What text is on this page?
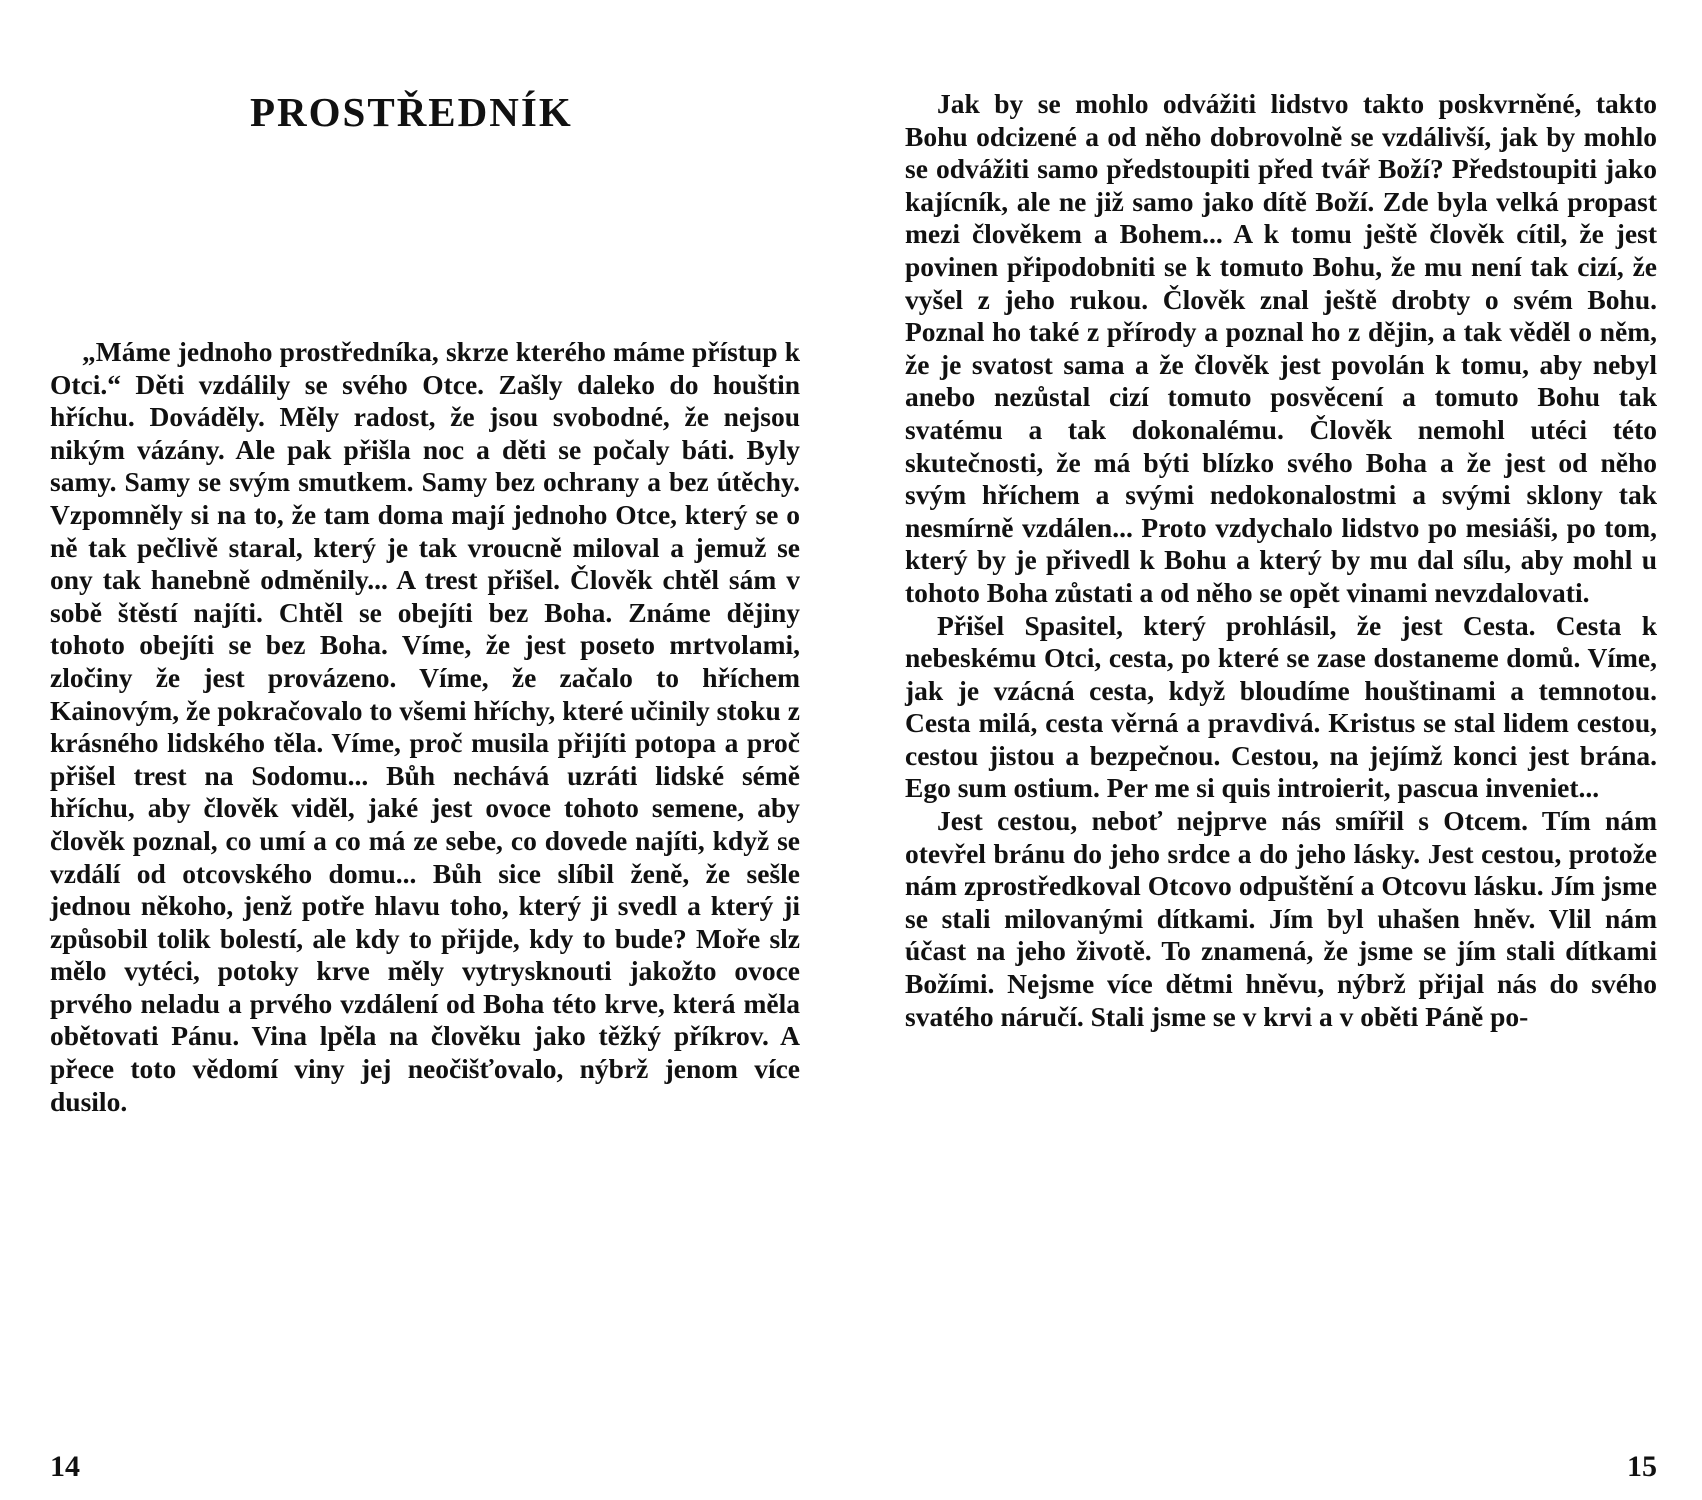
PROSTŘEDNÍK

„Máme jednoho prostředníka, skrze kterého máme přístup k Otci.“ Děti vzdálily se svého Otce. Zašly daleko do houštin hříchu. Dováděly. Měly radost, že jsou svobodné, že nejsou nikým vázány. Ale pak přišla noc a děti se počaly báti. Byly samy. Samy se svým smutkem. Samy bez ochrany a bez útěchy. Vzpomněly si na to, že tam doma mají jednoho Otce, který se o ně tak pečlivě staral, který je tak vroucně miloval a jemuž se ony tak hanebně odměnily... A trest přišel. Člověk chtěl sám v sobě štěstí najíti. Chtěl se obejíti bez Boha. Známe dějiny tohoto obejíti se bez Boha. Víme, že jest poseto mrtvolami, zločiny že jest provázeno. Víme, že začalo to hříchem Kainovým, že pokračovalo to všemi hříchy, které učinily stoku z krásného lidského těla. Víme, proč musila přijíti potopa a proč přišel trest na Sodomu... Bůh nechává uzráti lidské sémě hříchu, aby člověk viděl, jaké jest ovoce tohoto semene, aby člověk poznal, co umí a co má ze sebe, co dovede najíti, když se vzdálí od otcovského domu... Bůh sice slíbil ženě, že sešle jednou někoho, jenž potře hlavu toho, který ji svedl a který ji způsobil tolik bolestí, ale kdy to přijde, kdy to bude? Moře slz mělo vytéci, potoky krve měly vytrysknouti jakožto ovoce prvého neladu a prvého vzdálení od Boha této krve, která měla obětovati Pánu. Vina lpěla na člověku jako těžký příkrov. A přece toto vědomí viny jej neočišťovalo, nýbrž jenom více dusilo.

14

Jak by se mohlo odvážiti lidstvo takto poskvrněné, takto Bohu odcizené a od něho dobrovolně se vzdálivší, jak by mohlo se odvážiti samo předstoupiti před tvář Boží? Předstoupiti jako kajícník, ale ne již samo jako dítě Boží. Zde byla velká propast mezi člověkem a Bohem... A k tomu ještě člověk cítil, že jest povinen připodobniti se k tomuto Bohu, že mu není tak cizí, že vyšel z jeho rukou. Člověk znal ještě drobty o svém Bohu. Poznal ho také z přírody a poznal ho z dějin, a tak věděl o něm, že je svatost sama a že člověk jest povolán k tomu, aby nebyl anebo nezůstal cizí tomuto posvěcení a tomuto Bohu tak svatému a tak dokonalému. Člověk nemohl utéci této skutečnosti, že má býti blízko svého Boha a že jest od něho svým hříchem a svými nedokonalostmi a svými sklony tak nesmírně vzdálen... Proto vzdychalo lidstvo po mesiáši, po tom, který by je přivedl k Bohu a který by mu dal sílu, aby mohl u tohoto Boha zůstati a od něho se opět vinami nevzdalovati.

Přišel Spasitel, který prohlásil, že jest Cesta. Cesta k nebeskému Otci, cesta, po které se zase dostaneme domů. Víme, jak je vzácná cesta, když bloudíme houštinami a temnotou. Cesta milá, cesta věrná a pravdivá. Kristus se stal lidem cestou, cestou jistou a bezpečnou. Cestou, na jejímž konci jest brána. Ego sum ostium. Per me si quis introierit, pascua inveniet...

Jest cestou, neboť nejprve nás smířil s Otcem. Tím nám otevřel bránu do jeho srdce a do jeho lásky. Jest cestou, protože nám zprostředkoval Otcovo odpuštění a Otcovu lásku. Jím jsme se stali milovanými dítkami. Jím byl uhašen hněv. Vlil nám účast na jeho životě. To znamená, že jsme se jím stali dítkami Božími. Nejsme více dětmi hněvu, nýbrž přijal nás do svého svatého náručí. Stali jsme se v krvi a v oběti Páně po-

15
